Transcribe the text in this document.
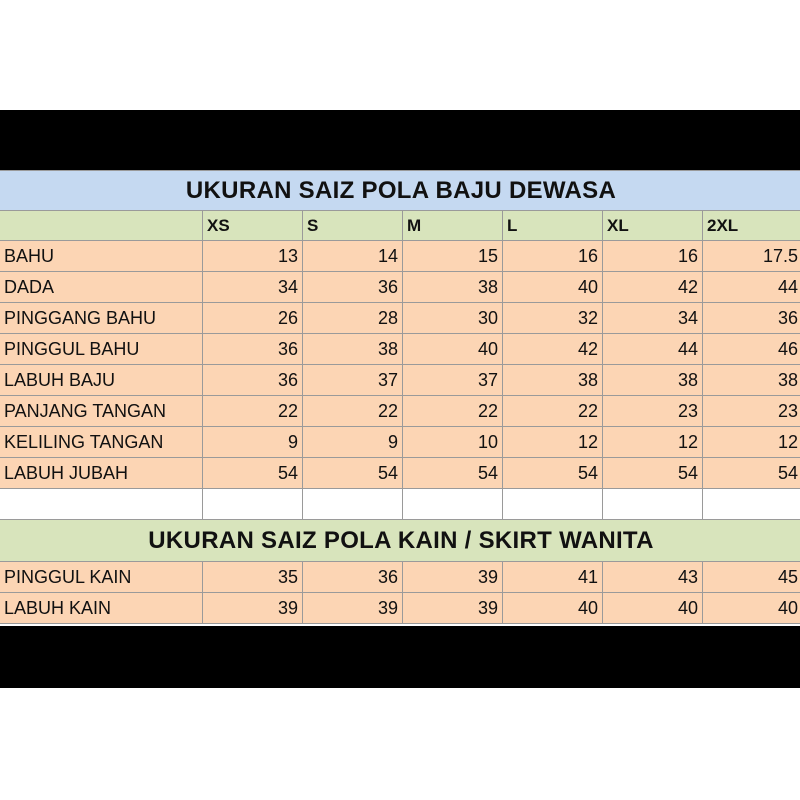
UKURAN SAIZ POLA BAJU DEWASA						
	XS	S	M	L	XL	2XL
BAHU	13	14	15	16	16	17.5
DADA	34	36	38	40	42	44
PINGGANG BAHU	26	28	30	32	34	36
PINGGUL BAHU	36	38	40	42	44	46
LABUH BAJU	36	37	37	38	38	38
PANJANG TANGAN	22	22	22	22	23	23
KELILING TANGAN	9	9	10	12	12	12
LABUH JUBAH	54	54	54	54	54	54

UKURAN SAIZ POLA KAIN / SKIRT WANITA						
PINGGUL KAIN	35	36	39	41	43	45
LABUH KAIN	39	39	39	40	40	40
